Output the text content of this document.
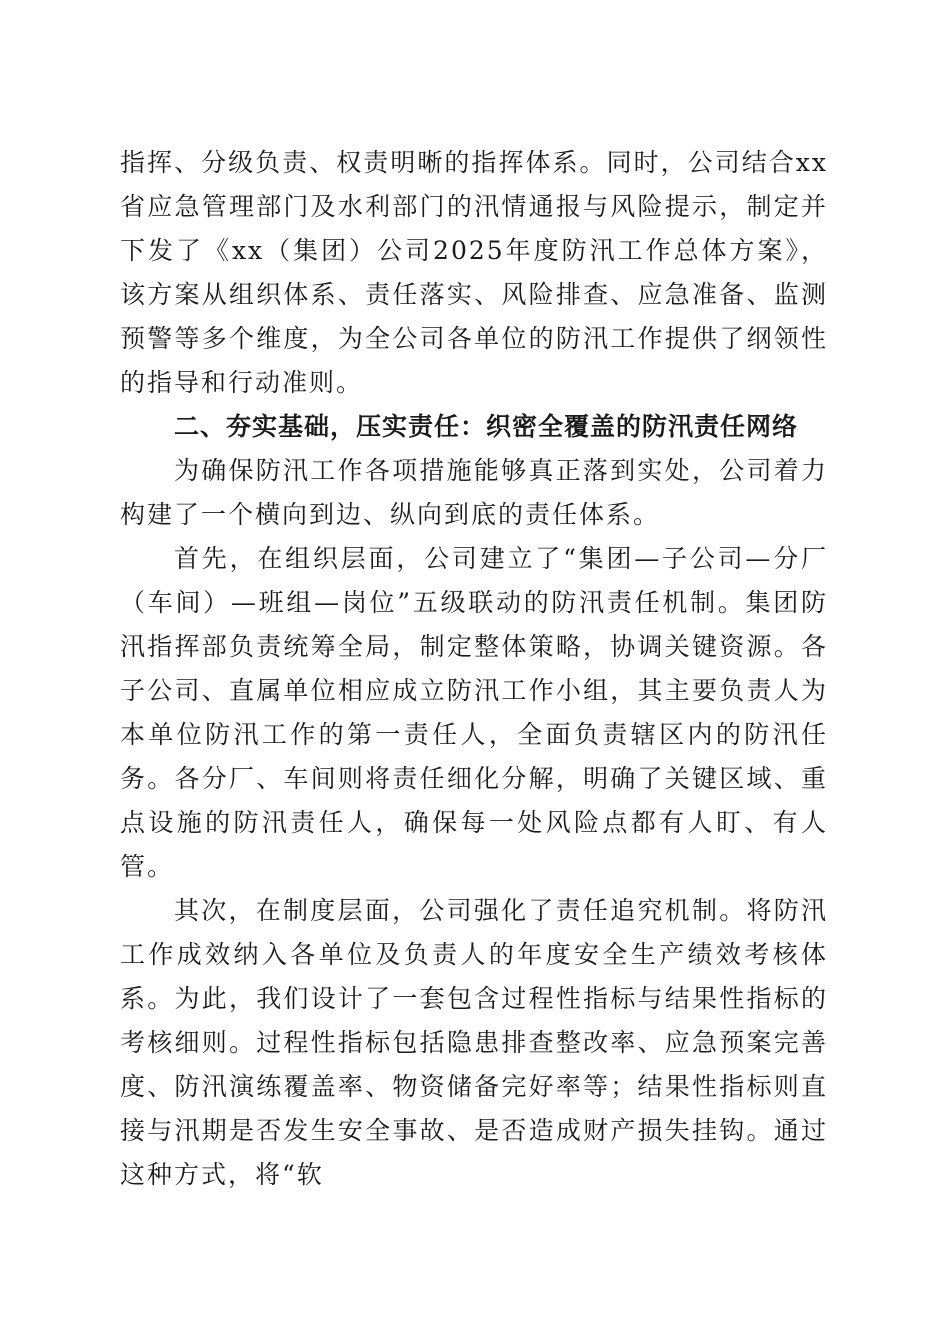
指挥、分级负责、权责明晰的指挥体系。同时，公司结合xx省应急管理部门及水利部门的汛情通报与风险提示，制定并下发了《xx（集团）公司2025年度防汛工作总体方案》，该方案从组织体系、责任落实、风险排查、应急准备、监测预警等多个维度，为全公司各单位的防汛工作提供了纲领性的指导和行动准则。

二、夯实基础，压实责任：织密全覆盖的防汛责任网络

为确保防汛工作各项措施能够真正落到实处，公司着力构建了一个横向到边、纵向到底的责任体系。

首先，在组织层面，公司建立了“集团—子公司—分厂（车间）—班组—岗位”五级联动的防汛责任机制。集团防汛指挥部负责统筹全局，制定整体策略，协调关键资源。各子公司、直属单位相应成立防汛工作小组，其主要负责人为本单位防汛工作的第一责任人，全面负责辖区内的防汛任务。各分厂、车间则将责任细化分解，明确了关键区域、重点设施的防汛责任人，确保每一处风险点都有人盯、有人管。

其次，在制度层面，公司强化了责任追究机制。将防汛工作成效纳入各单位及负责人的年度安全生产绩效考核体系。为此，我们设计了一套包含过程性指标与结果性指标的考核细则。过程性指标包括隐患排查整改率、应急预案完善度、防汛演练覆盖率、物资储备完好率等；结果性指标则直接与汛期是否发生安全事故、是否造成财产损失挂钩。通过这种方式，将“软
